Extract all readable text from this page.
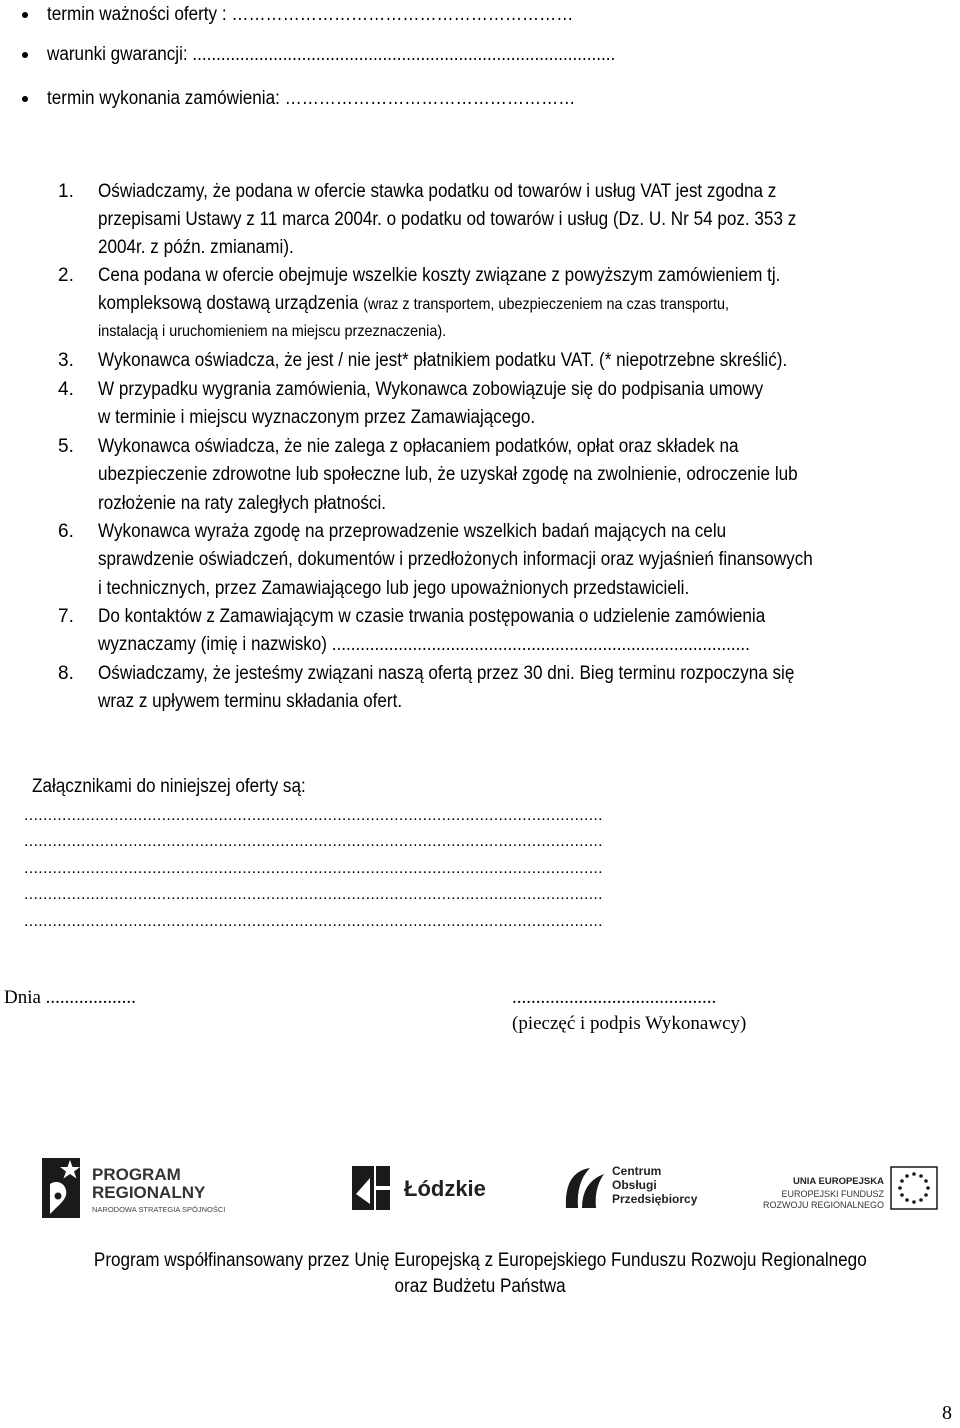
termin ważności oferty : ……………………………………………………
warunki gwarancji: .........................................................................................
termin wykonania zamówienia: ……………………………………………
1. Oświadczamy, że podana w ofercie stawka podatku od towarów i usług VAT jest zgodna z
przepisami Ustawy z 11 marca 2004r. o podatku od towarów i usług (Dz. U. Nr 54 poz. 353 z
2004r. z późn. zmianami).
2. Cena podana w ofercie obejmuje wszelkie koszty związane z powyższym zamówieniem tj.
kompleksową dostawą urządzenia (wraz z transportem, ubezpieczeniem na czas transportu,
instalacją i uruchomieniem na miejscu przeznaczenia).
3. Wykonawca oświadcza, że jest / nie jest* płatnikiem podatku VAT. (* niepotrzebne skreślić).
4. W przypadku wygrania zamówienia, Wykonawca zobowiązuje się do podpisania umowy
w terminie i miejscu wyznaczonym przez Zamawiającego.
5. Wykonawca oświadcza, że nie zalega z opłacaniem podatków, opłat oraz składek na
ubezpieczenie zdrowotne lub społeczne lub, że uzyskał zgodę na zwolnienie, odroczenie lub
rozłożenie na raty zaległych płatności.
6. Wykonawca wyraża zgodę na przeprowadzenie wszelkich badań mających na celu
sprawdzenie oświadczeń, dokumentów i przedłożonych informacji oraz wyjaśnień finansowych
i technicznych, przez Zamawiającego lub jego upoważnionych przedstawicieli.
7. Do kontaktów z Zamawiającym w czasie trwania postępowania o udzielenie zamówienia
wyznaczamy (imię i nazwisko) ........................................................................................
8. Oświadczamy, że jesteśmy związani naszą ofertą przez 30 dni. Bieg terminu rozpoczyna się
wraz z upływem terminu składania ofert.
Załącznikami do niniejszej oferty są:
..........................................................................................................................
..........................................................................................................................
..........................................................................................................................
..........................................................................................................................
..........................................................................................................................
Dnia ...................	...........................................
(pieczęć i podpis Wykonawcy)
PROGRAM
REGIONALNY
NARODOWA STRATEGIA SPÓJNOŚCI
Łódzkie
Centrum
Obsługi
Przedsiębiorcy
UNIA EUROPEJSKA
EUROPEJSKI FUNDUSZ
ROZWOJU REGIONALNEGO
Program współfinansowany przez Unię Europejską z Europejskiego Funduszu Rozwoju Regionalnego
oraz Budżetu Państwa
8
